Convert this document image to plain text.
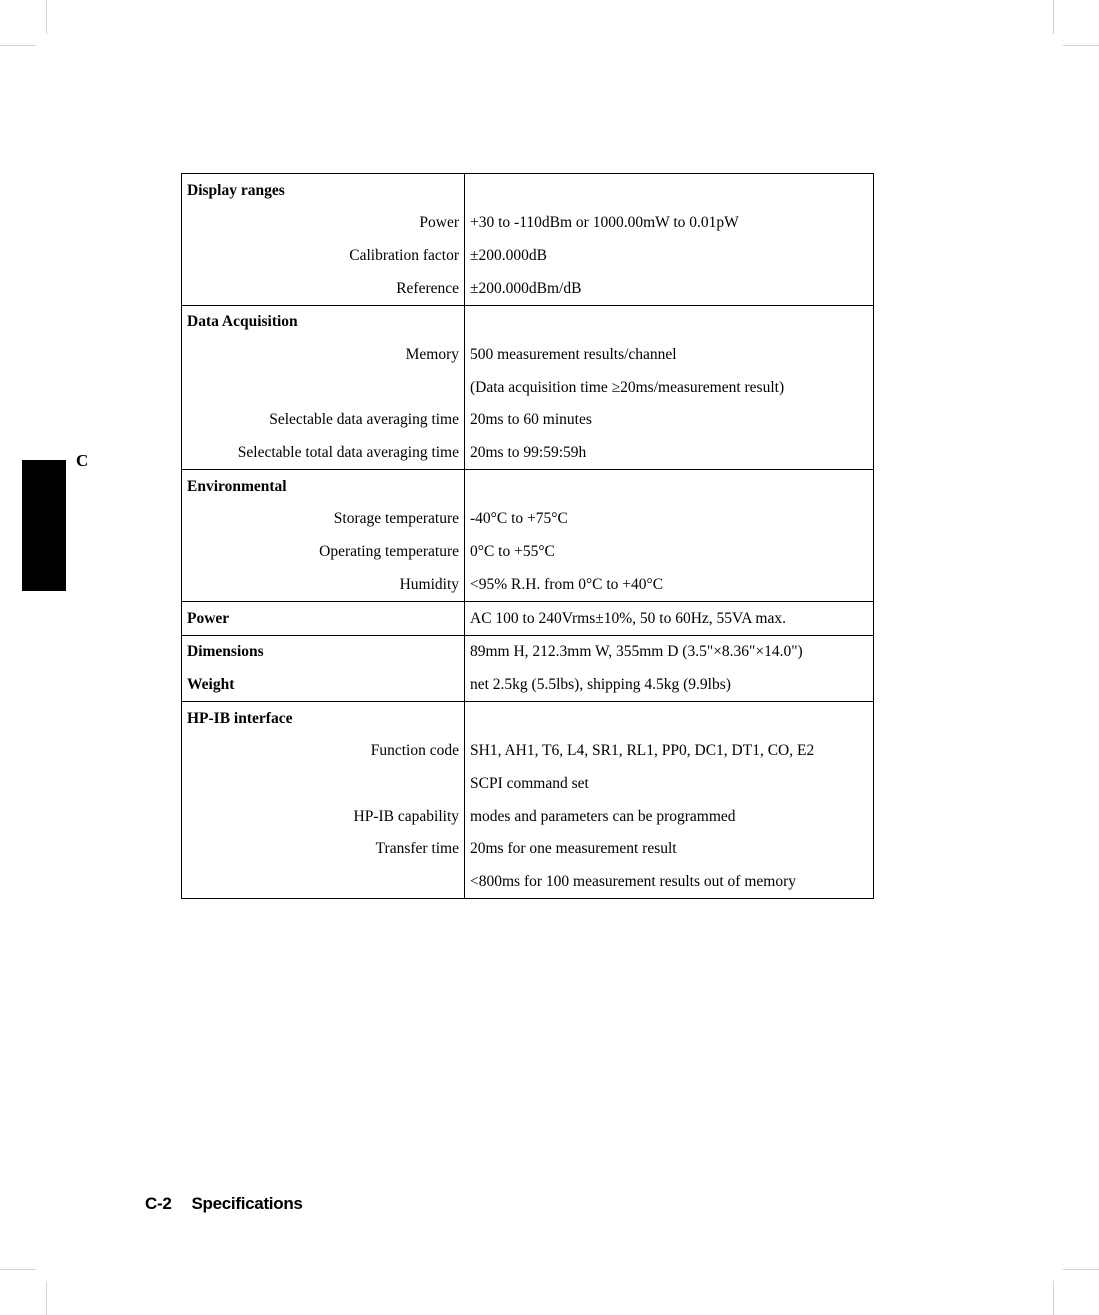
C
Display ranges	
Power	+30 to -110dBm or 1000.00mW to 0.01pW
Calibration factor	±200.000dB
Reference	±200.000dBm/dB
Data Acquisition	
Memory	500 measurement results/channel
	(Data acquisition time ≥20ms/measurement result)
Selectable data averaging time	20ms to 60 minutes
Selectable total data averaging time	20ms to 99:59:59h
Environmental	
Storage temperature	-40°C to +75°C
Operating temperature	0°C to +55°C
Humidity	<95% R.H. from 0°C to +40°C
Power	AC 100 to 240Vrms±10%, 50 to 60Hz, 55VA max.
Dimensions	89mm H, 212.3mm W, 355mm D (3.5"×8.36"×14.0")
Weight	net 2.5kg (5.5lbs), shipping 4.5kg (9.9lbs)
HP-IB interface	
Function code	SH1, AH1, T6, L4, SR1, RL1, PP0, DC1, DT1, CO, E2
	SCPI command set
HP-IB capability	modes and parameters can be programmed
Transfer time	20ms for one measurement result
	<800ms for 100 measurement results out of memory
C-2 Specifications
